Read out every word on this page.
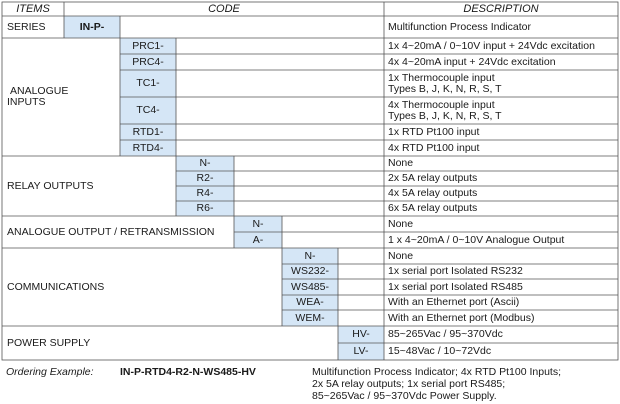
ITEMS	CODE	DESCRIPTION
SERIES	IN-P-	Multifunction Process Indicator
ANALOGUE
INPUTS
PRC1-	1x 4~20mA / 0~10V input + 24Vdc excitation
PRC4-	4x 4~20mA input + 24Vdc excitation
TC1-	1x Thermocouple input
Types B, J, K, N, R, S, T
TC4-	4x Thermocouple input
Types B, J, K, N, R, S, T
RTD1-	1x RTD Pt100 input
RTD4-	4x RTD Pt100 input
RELAY OUTPUTS
N-	None
R2-	2x 5A relay outputs
R4-	4x 5A relay outputs
R6-	6x 5A relay outputs
ANALOGUE OUTPUT / RETRANSMISSION
N-	None
A-	1 x 4~20mA / 0~10V Analogue Output
COMMUNICATIONS
N-	None
WS232-	1x serial port Isolated RS232
WS485-	1x serial port Isolated RS485
WEA-	With an Ethernet port (Ascii)
WEM-	With an Ethernet port (Modbus)
POWER SUPPLY
HV-	85~265Vac / 95~370Vdc
LV-	15~48Vac / 10~72Vdc
Ordering Example:	IN-P-RTD4-R2-N-WS485-HV	Multifunction Process Indicator; 4x RTD Pt100 Inputs;
2x 5A relay outputs; 1x serial port RS485;
85~265Vac / 95~370Vdc Power Supply.
